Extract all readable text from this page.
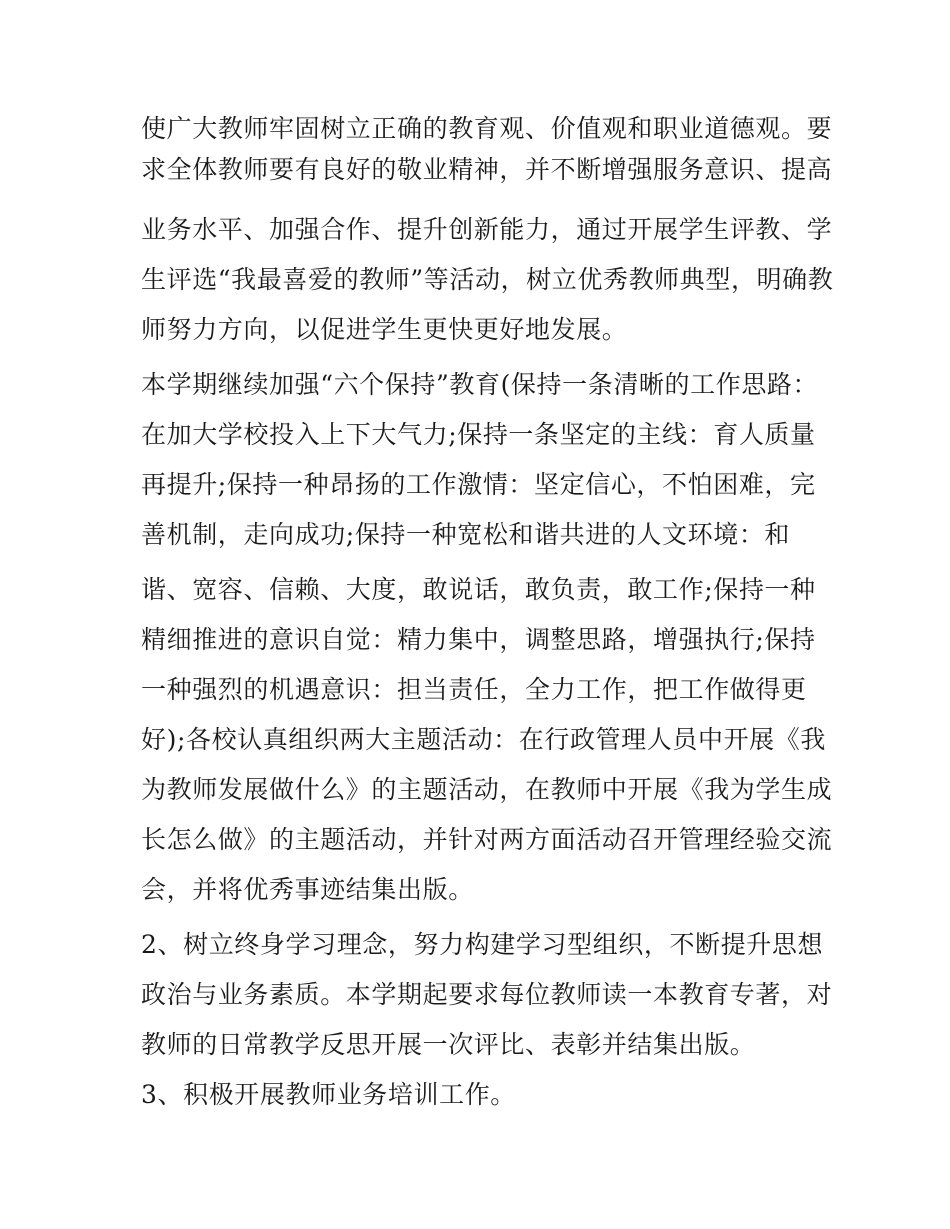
使广大教师牢固树立正确的教育观、价值观和职业道德观。要
求全体教师要有良好的敬业精神，并不断增强服务意识、提高
业务水平、加强合作、提升创新能力，通过开展学生评教、学
生评选“我最喜爱的教师”等活动，树立优秀教师典型，明确教
师努力方向，以促进学生更快更好地发展。
本学期继续加强“六个保持”教育(保持一条清晰的工作思路：
在加大学校投入上下大气力;保持一条坚定的主线：育人质量
再提升;保持一种昂扬的工作激情：坚定信心，不怕困难，完
善机制，走向成功;保持一种宽松和谐共进的人文环境：和
谐、宽容、信赖、大度，敢说话，敢负责，敢工作;保持一种
精细推进的意识自觉：精力集中，调整思路，增强执行;保持
一种强烈的机遇意识：担当责任，全力工作，把工作做得更
好);各校认真组织两大主题活动：在行政管理人员中开展《我
为教师发展做什么》的主题活动，在教师中开展《我为学生成
长怎么做》的主题活动，并针对两方面活动召开管理经验交流
会，并将优秀事迹结集出版。
2、树立终身学习理念，努力构建学习型组织，不断提升思想
政治与业务素质。本学期起要求每位教师读一本教育专著，对
教师的日常教学反思开展一次评比、表彰并结集出版。
3、积极开展教师业务培训工作。
